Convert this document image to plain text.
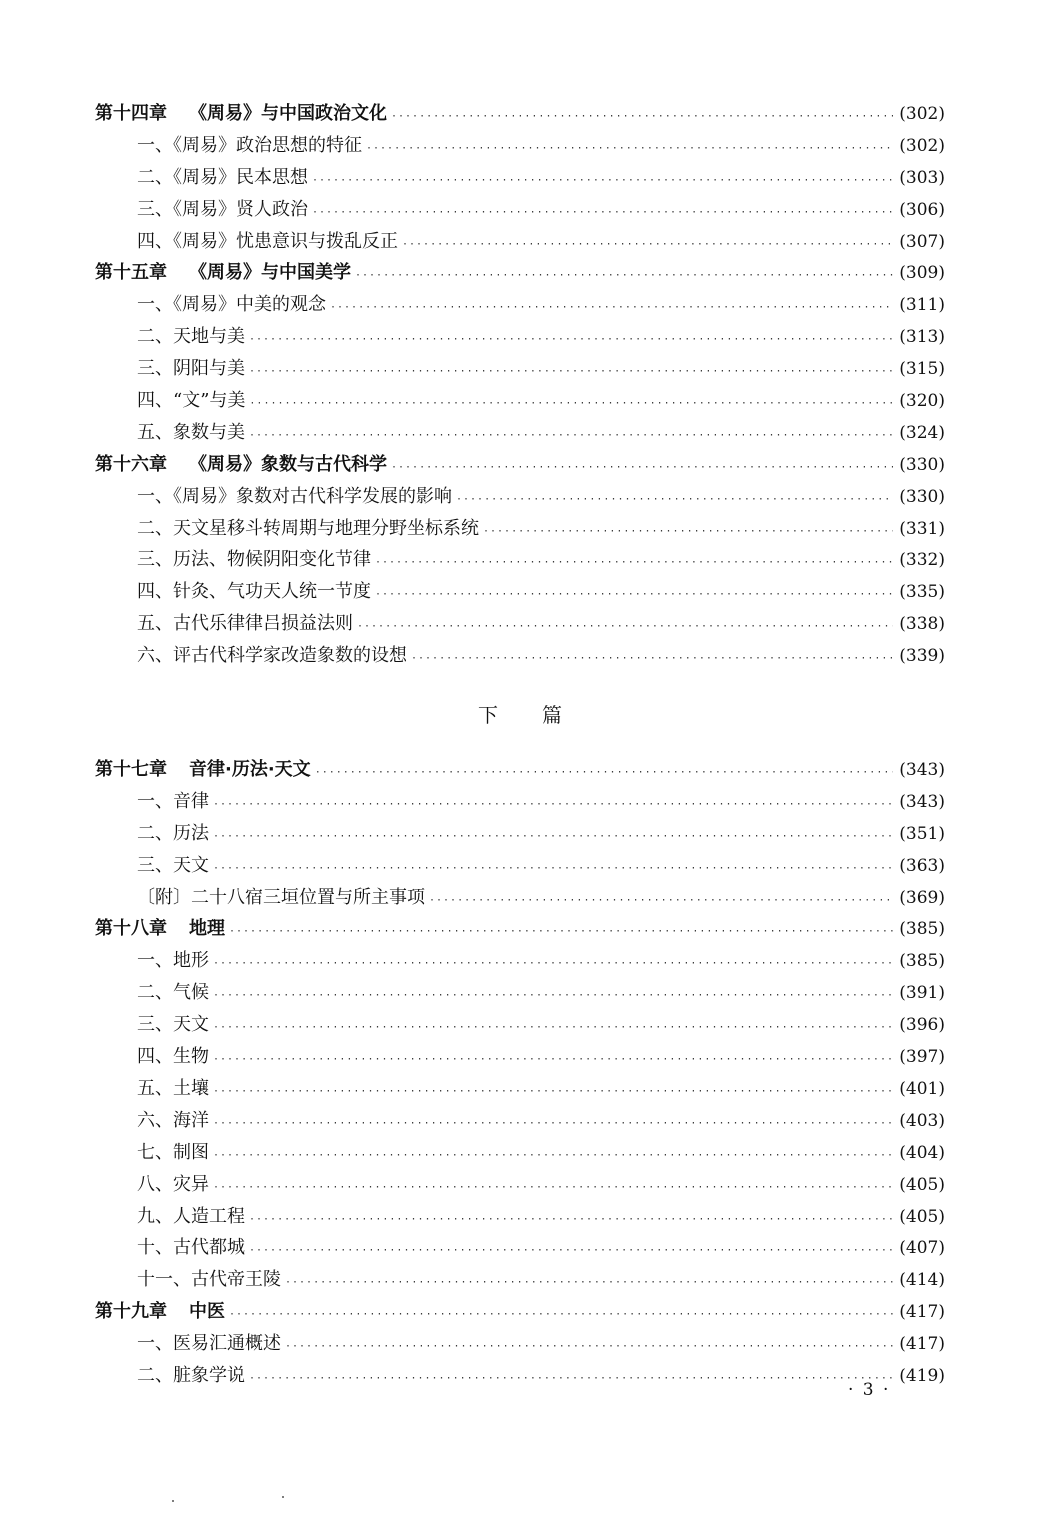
第十四章 《周易》与中国政治文化 ·····	(302)
一、《周易》政治思想的特征 ·····	(302)
二、《周易》民本思想 ·····	(303)
三、《周易》贤人政治 ·····	(306)
四、《周易》忧患意识与拨乱反正 ·····	(307)
第十五章 《周易》与中国美学 ·····	(309)
一、《周易》中美的观念 ·····	(311)
二、天地与美 ·····	(313)
三、阴阳与美 ·····	(315)
四、“文”与美 ·····	(320)
五、象数与美 ·····	(324)
第十六章 《周易》象数与古代科学 ·····	(330)
一、《周易》象数对古代科学发展的影响 ·····	(330)
二、天文星移斗转周期与地理分野坐标系统 ·····	(331)
三、历法、物候阴阳变化节律 ·····	(332)
四、针灸、气功天人统一节度 ·····	(335)
五、古代乐律律吕损益法则 ·····	(338)
六、评古代科学家改造象数的设想 ·····	(339)
下 篇
第十七章 音律·历法·天文 ·····	(343)
一、音律 ·····	(343)
二、历法 ·····	(351)
三、天文 ·····	(363)
〔附〕二十八宿三垣位置与所主事项 ·····	(369)
第十八章 地理 ·····	(385)
一、地形 ·····	(385)
二、气候 ·····	(391)
三、天文 ·····	(396)
四、生物 ·····	(397)
五、土壤 ·····	(401)
六、海洋 ·····	(403)
七、制图 ·····	(404)
八、灾异 ·····	(405)
九、人造工程 ·····	(405)
十、古代都城 ·····	(407)
十一、古代帝王陵 ·····	(414)
第十九章 中医 ·····	(417)
一、医易汇通概述 ·····	(417)
二、脏象学说 ·····	(419)
· 3 ·
